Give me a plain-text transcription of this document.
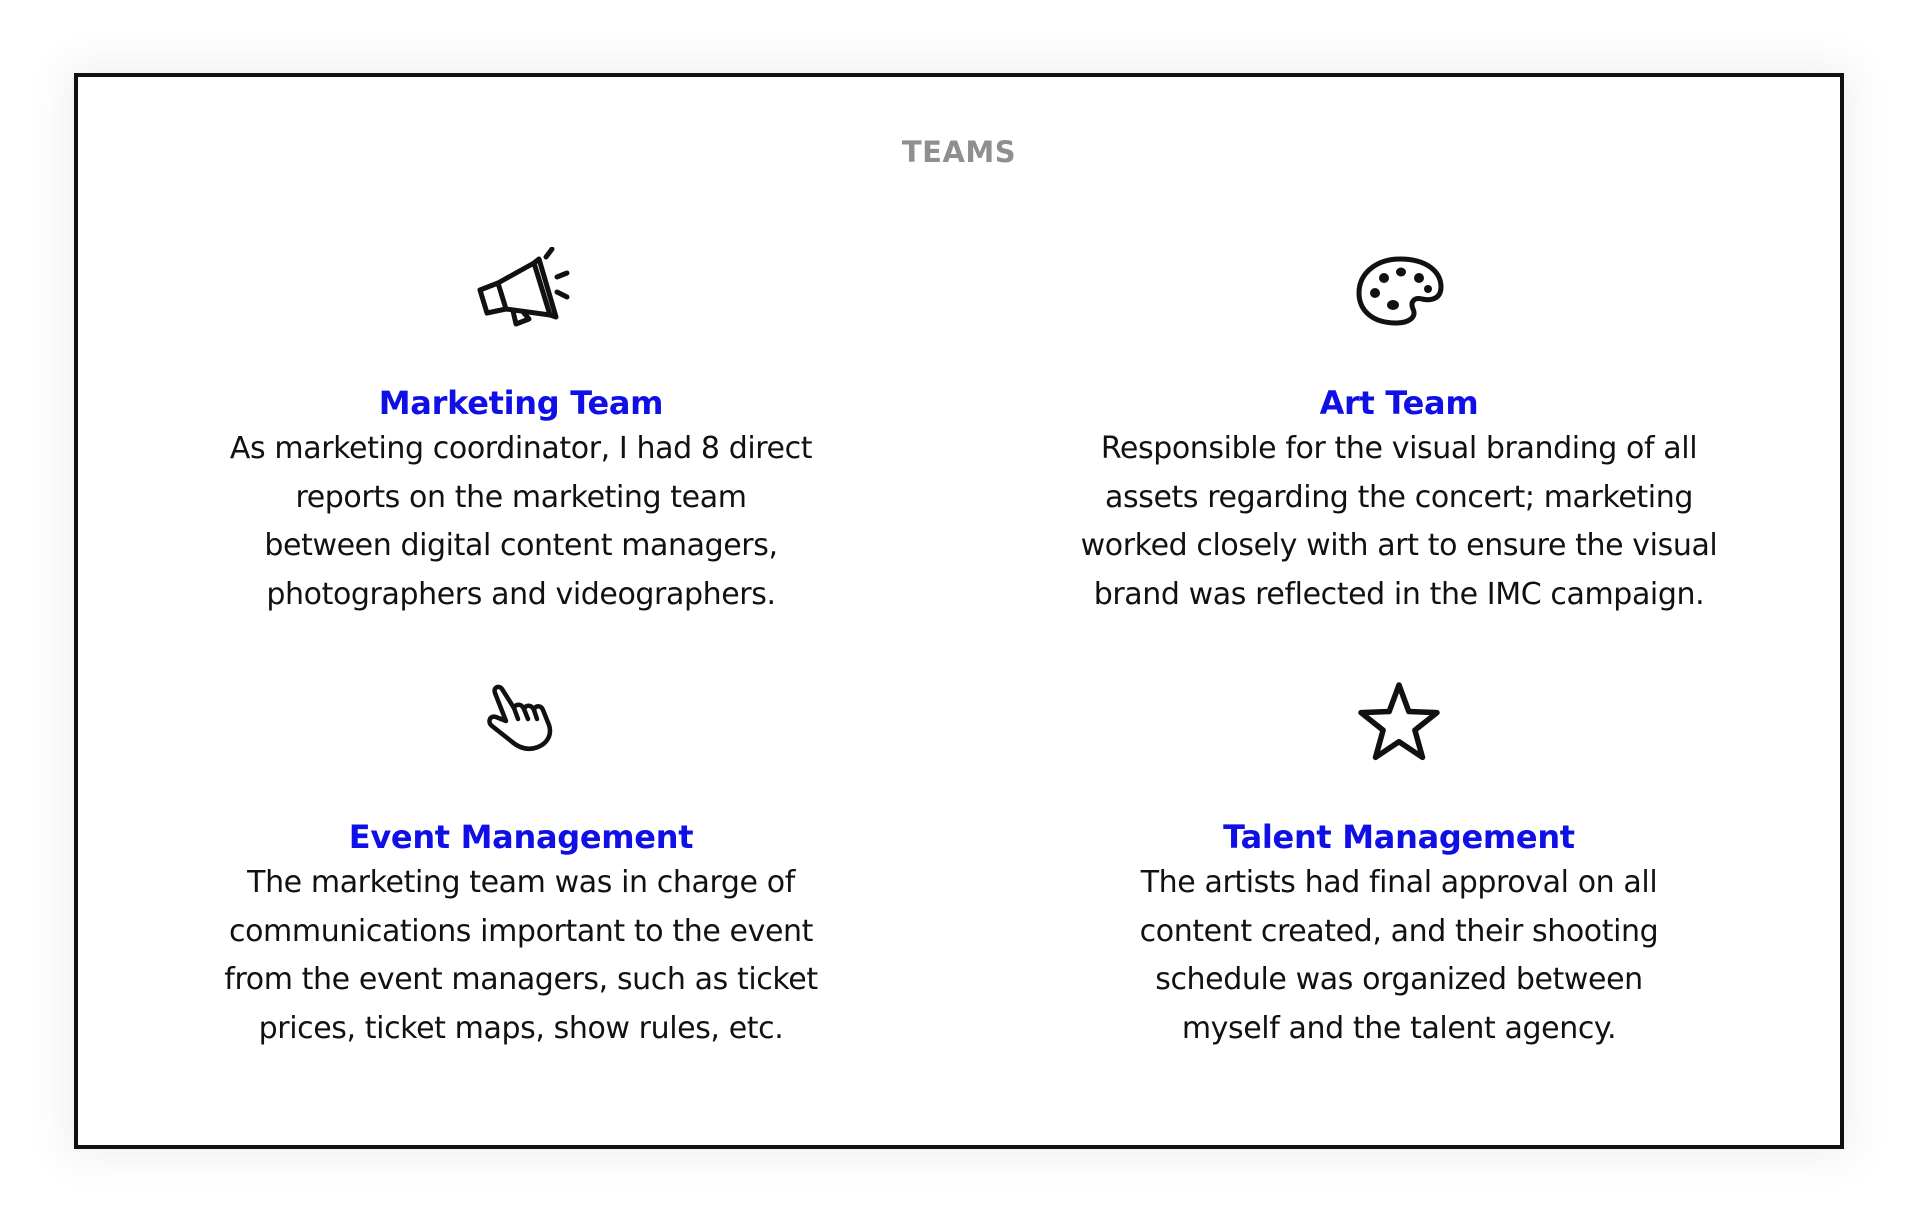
TEAMS
Marketing Team
As marketing coordinator, I had 8 direct
reports on the marketing team
between digital content managers,
photographers and videographers.
Art Team
Responsible for the visual branding of all
assets regarding the concert; marketing
worked closely with art to ensure the visual
brand was reflected in the IMC campaign.
Event Management
The marketing team was in charge of
communications important to the event
from the event managers, such as ticket
prices, ticket maps, show rules, etc.
Talent Management
The artists had final approval on all
content created, and their shooting
schedule was organized between
myself and the talent agency.
